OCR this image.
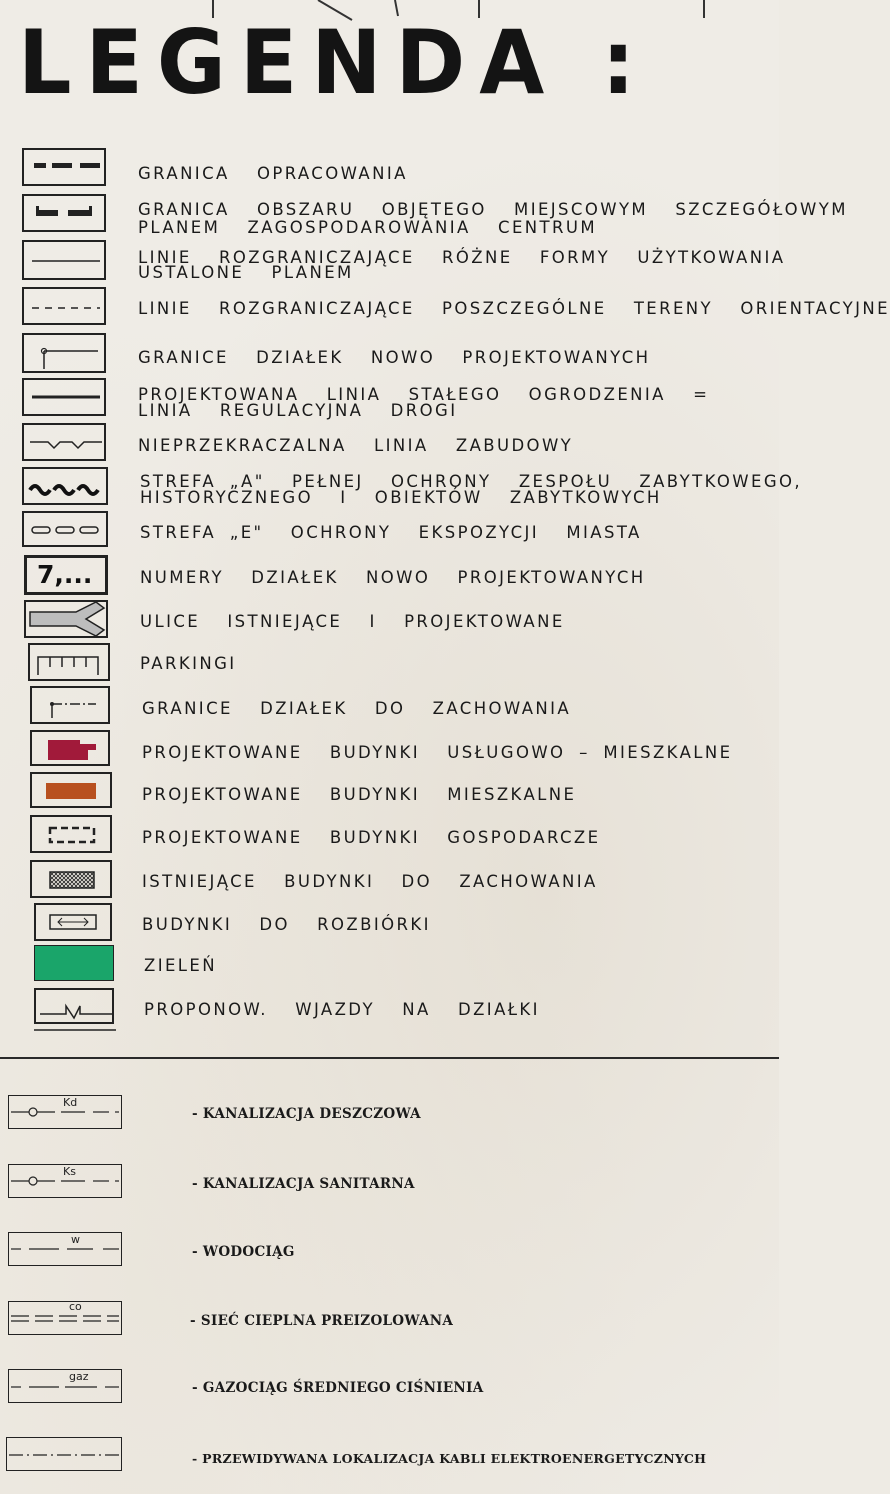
LEGENDA :
GRANICA  OPRACOWANIA
GRANICA  OBSZARU  OBJĘTEGO  MIEJSCOWYM  SZCZEGÓŁOWYM
PLANEM  ZAGOSPODAROWANIA  CENTRUM
LINIE  ROZGRANICZAJĄCE  RÓŻNE  FORMY  UŻYTKOWANIA
USTALONE  PLANEM
LINIE  ROZGRANICZAJĄCE  POSZCZEGÓLNE  TERENY  ORIENTACYJNE
GRANICE  DZIAŁEK  NOWO  PROJEKTOWANYCH
PROJEKTOWANA  LINIA  STAŁEGO  OGRODZENIA  =
LINIA  REGULACYJNA  DROGI
NIEPRZEKRACZALNA  LINIA  ZABUDOWY
STREFA „A"  PEŁNEJ  OCHRONY  ZESPOŁU  ZABYTKOWEGO,
HISTORYCZNEGO  I  OBIEKTÓW  ZABYTKOWYCH
STREFA „E"  OCHRONY  EKSPOZYCJI  MIASTA
7,...	NUMERY  DZIAŁEK  NOWO  PROJEKTOWANYCH
ULICE  ISTNIEJĄCE  I  PROJEKTOWANE
PARKINGI
GRANICE  DZIAŁEK  DO  ZACHOWANIA
PROJEKTOWANE  BUDYNKI  USŁUGOWO – MIESZKALNE
PROJEKTOWANE  BUDYNKI  MIESZKALNE
PROJEKTOWANE  BUDYNKI  GOSPODARCZE
ISTNIEJĄCE  BUDYNKI  DO  ZACHOWANIA
BUDYNKI  DO  ROZBIÓRKI
ZIELEŃ
PROPONOW.  WJAZDY  NA  DZIAŁKI
Kd
- KANALIZACJA DESZCZOWA
Ks
- KANALIZACJA SANITARNA
w
- WODOCIĄG
co
- SIEĆ CIEPLNA PREIZOLOWANA
gaz
- GAZOCIĄG ŚREDNIEGO CIŚNIENIA
- PRZEWIDYWANA LOKALIZACJA KABLI ELEKTROENERGETYCZNYCH
